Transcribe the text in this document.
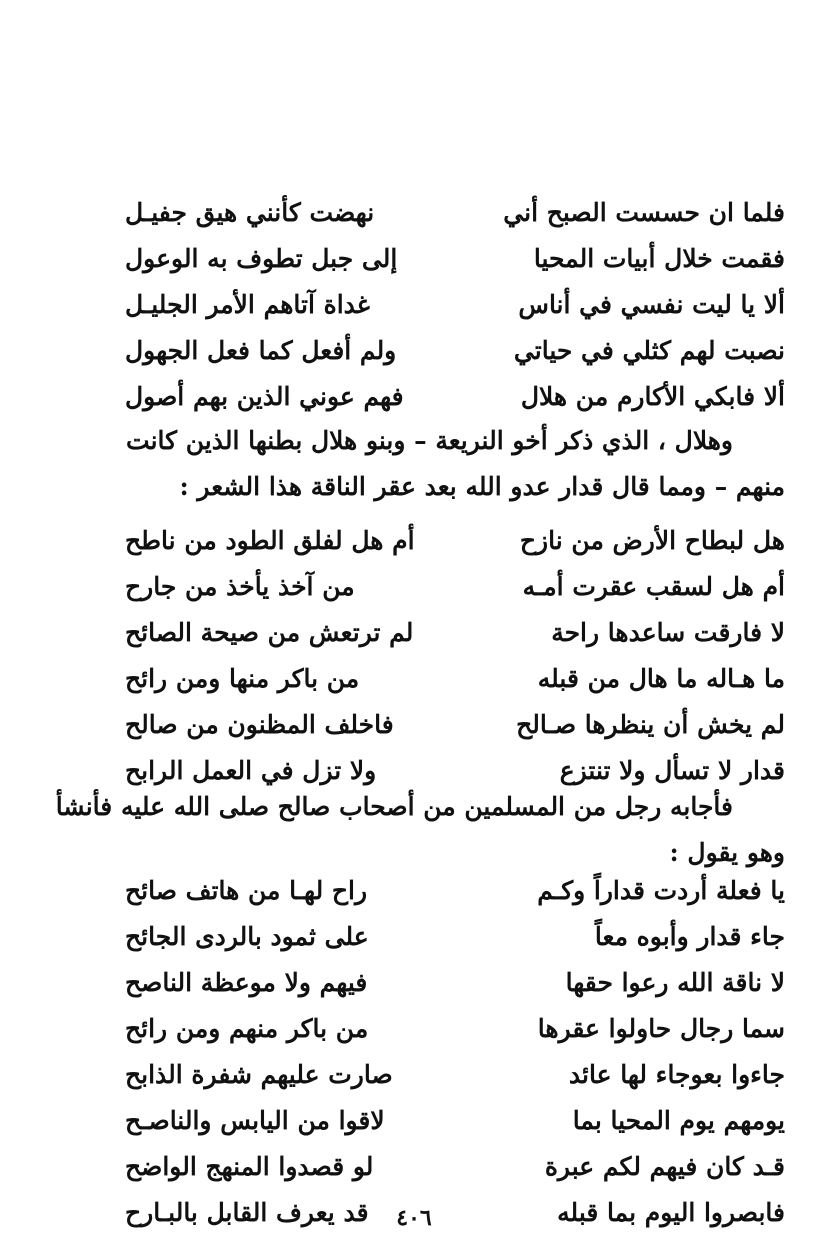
فلما ان حسست الصبح أني
نهضت كأنني هيق جفيـل
فقمت خلال أبيات المحيا
إلى جبل تطوف به الوعول
ألا يا ليت نفسي في أناس
غداة آتاهم الأمر الجليـل
نصبت لهم كثلي في حياتي
ولم أفعل كما فعل الجهول
ألا فابكي الأكارم من هلال
فهم عوني الذين بهم أصول
وهلال ، الذي ذكر أخو النريعة – وبنو هلال بطنها الذين كانت
منهم – ومما قال قدار عدو الله بعد عقر الناقة هذا الشعر :
هل لبطاح الأرض من نازح
أم هل لفلق الطود من ناطح
أم هل لسقب عقرت أمـه
من آخذ يأخذ من جارح
لا فارقت ساعدها راحة
لم ترتعش من صيحة الصائح
ما هـاله ما هال من قبله
من باكر منها ومن رائح
لم يخش أن ينظرها صـالح
فاخلف المظنون من صالح
قدار لا تسأل ولا تنتزع
ولا تزل في العمل الرابح
فأجابه رجل من المسلمين من أصحاب صالح صلى الله عليه فأنشأ
وهو يقول :
يا فعلة أردت قداراً وكـم
راح لهـا من هاتف صائح
جاء قدار وأبوه معاً
على ثمود بالردى الجائح
لا ناقة الله رعوا حقها
فيهم ولا موعظة الناصح
سما رجال حاولوا عقرها
من باكر منهم ومن رائح
جاءوا بعوجاء لها عائد
صارت عليهم شفرة الذابح
يومهم يوم المحيا بما
لاقوا من اليابس والناصـح
قـد كان فيهم لكم عبرة
لو قصدوا المنهج الواضح
فابصروا اليوم بما قبله
قد يعرف القابل بالبـارح	٤٠٦
